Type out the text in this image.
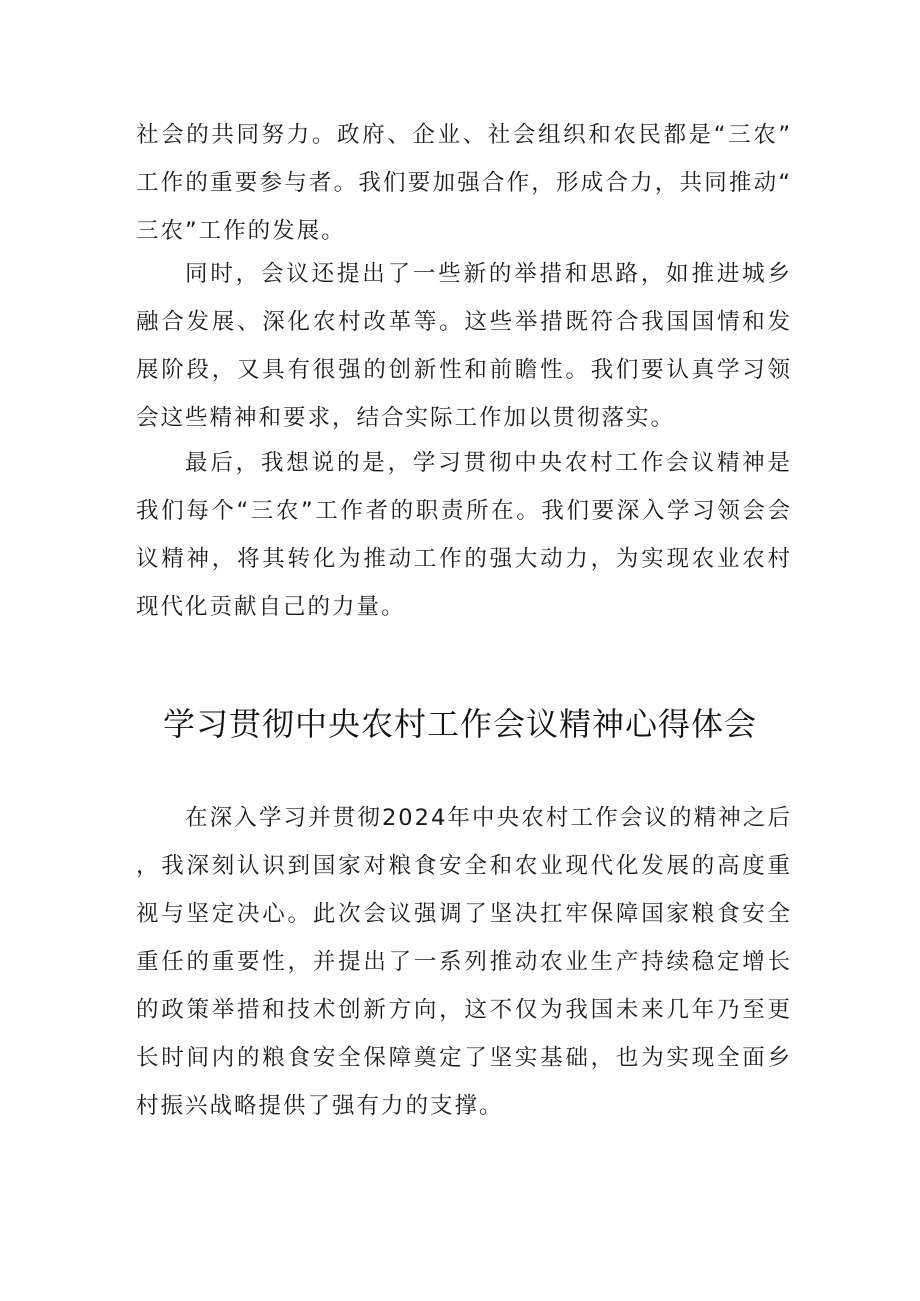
社会的共同努力。政府、企业、社会组织和农民都是“三农”工作的重要参与者。我们要加强合作，形成合力，共同推动“三农”工作的发展。

同时，会议还提出了一些新的举措和思路，如推进城乡融合发展、深化农村改革等。这些举措既符合我国国情和发展阶段，又具有很强的创新性和前瞻性。我们要认真学习领会这些精神和要求，结合实际工作加以贯彻落实。

最后，我想说的是，学习贯彻中央农村工作会议精神是我们每个“三农”工作者的职责所在。我们要深入学习领会会议精神，将其转化为推动工作的强大动力，为实现农业农村现代化贡献自己的力量。

学习贯彻中央农村工作会议精神心得体会

在深入学习并贯彻2024年中央农村工作会议的精神之后，我深刻认识到国家对粮食安全和农业现代化发展的高度重视与坚定决心。此次会议强调了坚决扛牢保障国家粮食安全重任的重要性，并提出了一系列推动农业生产持续稳定增长的政策举措和技术创新方向，这不仅为我国未来几年乃至更长时间内的粮食安全保障奠定了坚实基础，也为实现全面乡村振兴战略提供了强有力的支撑。
